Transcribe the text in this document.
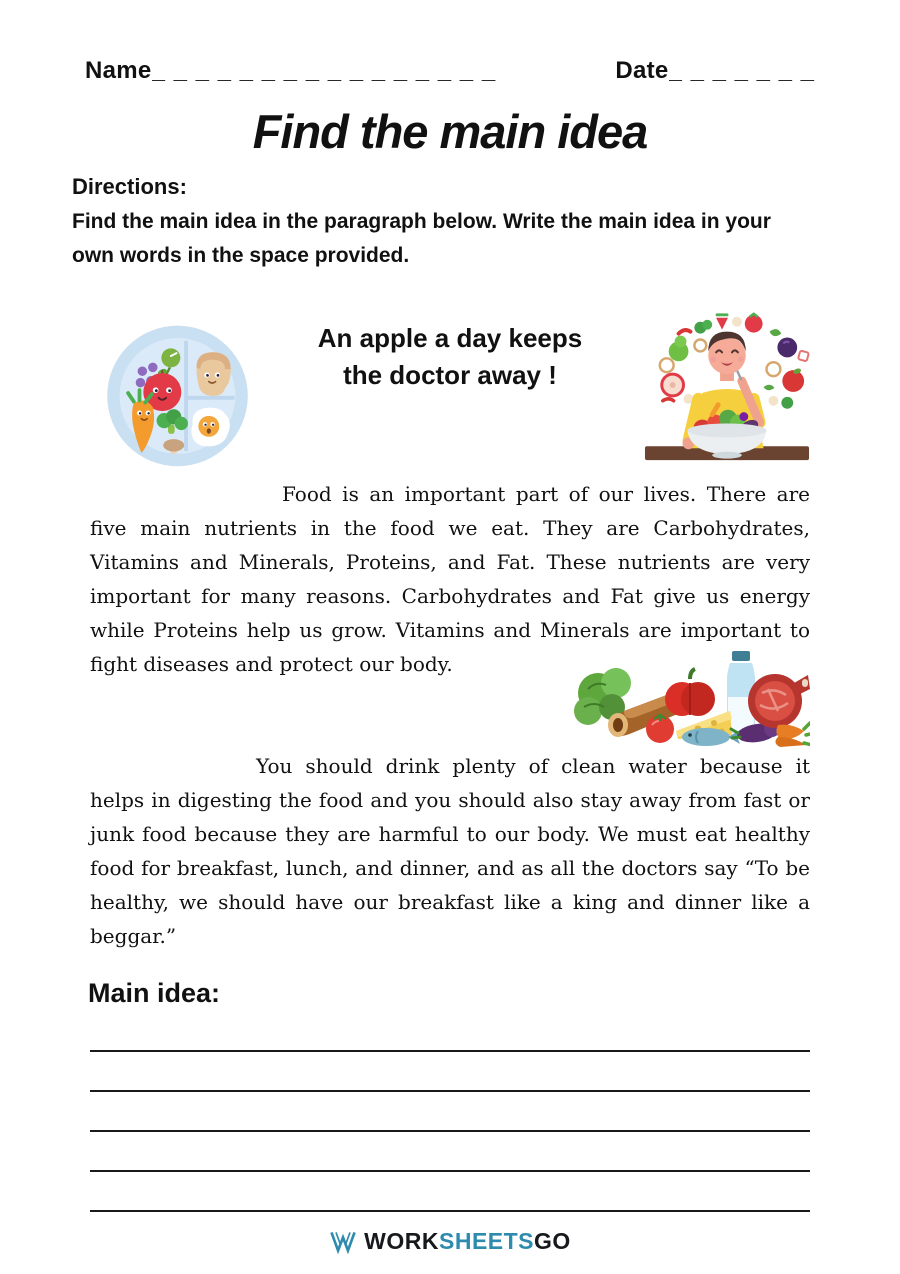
Name _ _ _ _ _ _ _ _ _ _ _ _ _ _ _ _	Date _ _ _ _ _ _ _
Find the main idea
Directions:
Find the main idea in the paragraph below. Write the main idea in your own words in the space provided.
An apple a day keeps
the doctor away !

Food is an important part of our lives. There are five main nutrients in the food we eat. They are Carbohydrates, Vitamins and Minerals, Proteins, and Fat. These nutrients are very important for many reasons. Carbohydrates and Fat give us energy while Proteins help us grow. Vitamins and Minerals are important to fight diseases and protect our body.

You should drink plenty of clean water because it helps in digesting the food and you should also stay away from fast or junk food because they are harmful to our body. We must eat healthy food for breakfast, lunch, and dinner, and as all the doctors say “To be healthy, we should have our breakfast like a king and dinner like a beggar.”

Main idea:
WORKSHEETSGO
